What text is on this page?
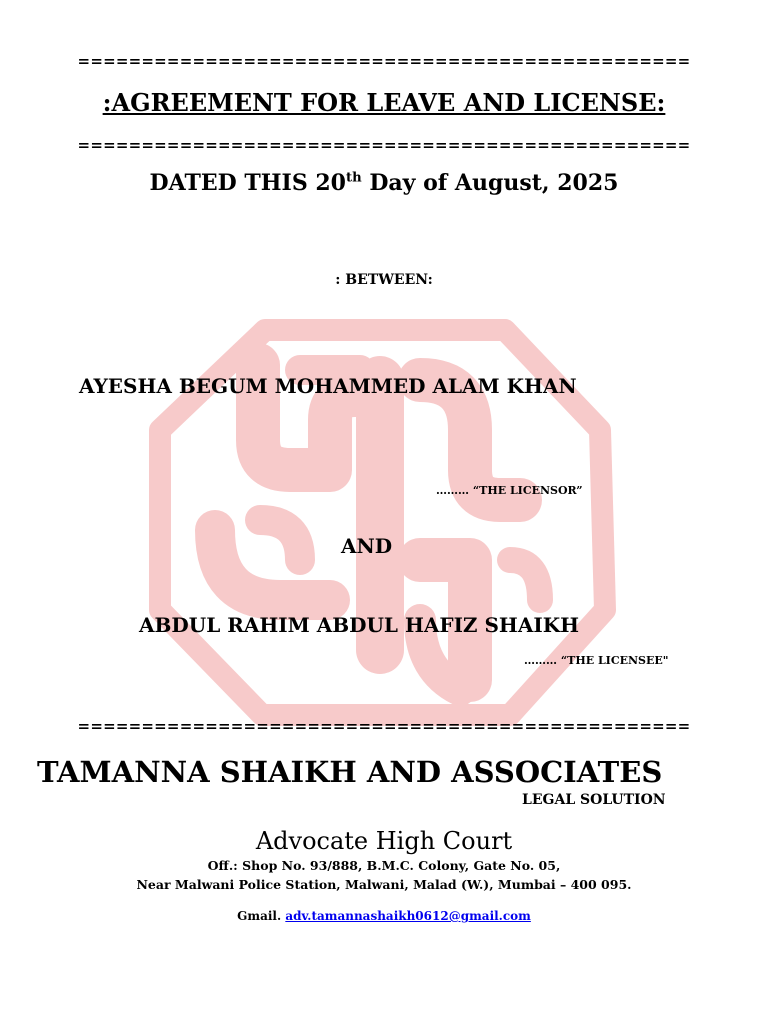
================================================
:AGREEMENT FOR LEAVE AND LICENSE:
================================================
DATED THIS 20th Day of August, 2025
: BETWEEN:
AYESHA BEGUM MOHAMMED ALAM KHAN
……… “THE LICENSOR”
AND
ABDUL RAHIM ABDUL HAFIZ SHAIKH
……… “THE LICENSEE"
================================================
TAMANNA SHAIKH AND ASSOCIATES
LEGAL SOLUTION
Advocate High Court
Off.: Shop No. 93/888, B.M.C. Colony, Gate No. 05,
Near Malwani Police Station, Malwani, Malad (W.), Mumbai – 400 095.
Gmail. adv.tamannashaikh0612@gmail.com
